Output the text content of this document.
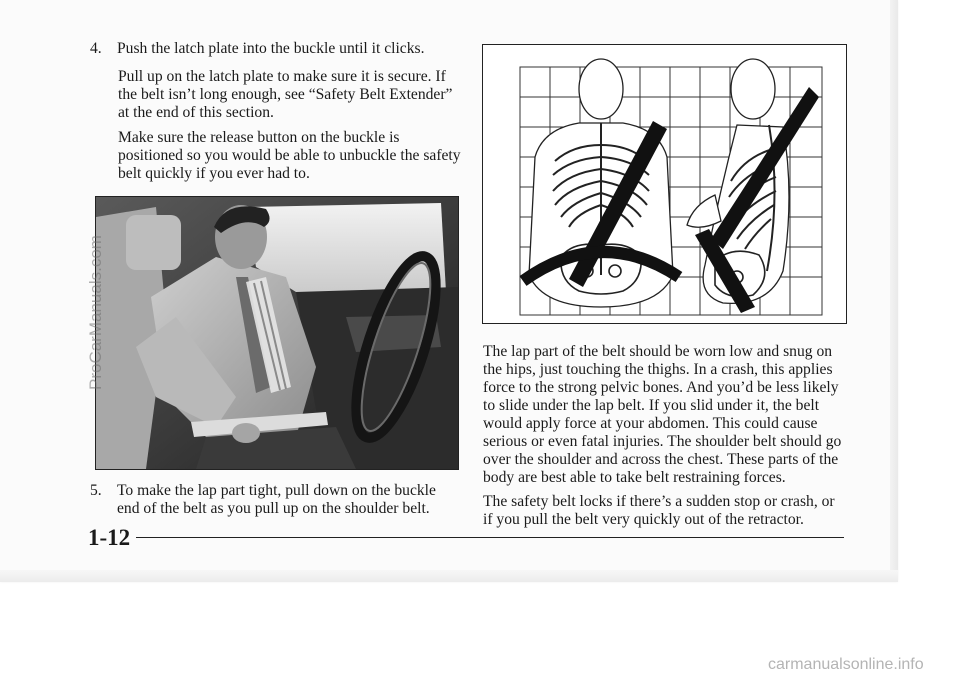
4. Push the latch plate into the buckle until it clicks.

Pull up on the latch plate to make sure it is secure. If the belt isn’t long enough, see “Safety Belt Extender” at the end of this section.

Make sure the release button on the buckle is positioned so you would be able to unbuckle the safety belt quickly if you ever had to.

5. To make the lap part tight, pull down on the buckle end of the belt as you pull up on the shoulder belt.

The lap part of the belt should be worn low and snug on the hips, just touching the thighs. In a crash, this applies force to the strong pelvic bones. And you’d be less likely to slide under the lap belt. If you slid under it, the belt would apply force at your abdomen. This could cause serious or even fatal injuries. The shoulder belt should go over the shoulder and across the chest. These parts of the body are best able to take belt restraining forces.

The safety belt locks if there’s a sudden stop or crash, or if you pull the belt very quickly out of the retractor.

1-12

ProCarManuals.com

carmanualsonline.info
